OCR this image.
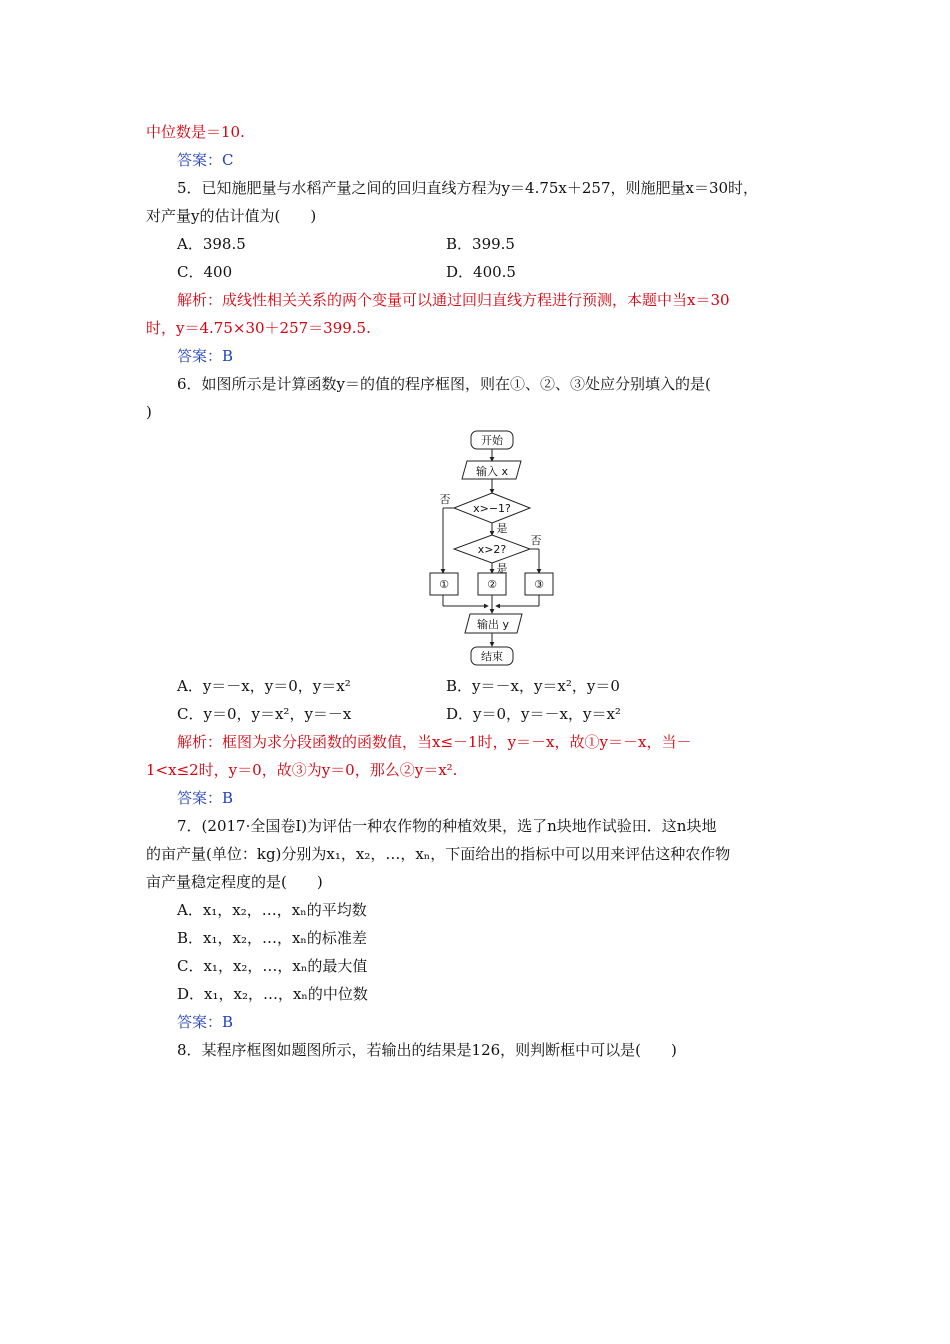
中位数是＝10.
答案：C
5．已知施肥量与水稻产量之间的回归直线方程为y＝4.75x＋257，则施肥量x＝30时，
对产量y的估计值为(　　)
A．398.5	B．399.5
C．400	D．400.5
解析：成线性相关关系的两个变量可以通过回归直线方程进行预测，本题中当x＝30
时，y＝4.75×30＋257＝399.5.
答案：B
6．如图所示是计算函数y＝的值的程序框图，则在①、②、③处应分别填入的是(
)
开始
输入 x
x>−1?
否
是
x>2?
否
是
①	②	③
输出 y
结束
A．y＝－x，y＝0，y＝x²	B．y＝－x，y＝x²，y＝0
C．y＝0，y＝x²，y＝－x	D．y＝0，y＝－x，y＝x²
解析：框图为求分段函数的函数值，当x≤－1时，y＝－x，故①y＝－x，当－
1<x≤2时，y＝0，故③为y＝0，那么②y＝x².
答案：B
7．(2017·全国卷Ⅰ)为评估一种农作物的种植效果，选了n块地作试验田．这n块地
的亩产量(单位：kg)分别为x₁，x₂，…，xₙ，下面给出的指标中可以用来评估这种农作物
亩产量稳定程度的是(　　)
A．x₁，x₂，…，xₙ的平均数
B．x₁，x₂，…，xₙ的标准差
C．x₁，x₂，…，xₙ的最大值
D．x₁，x₂，…，xₙ的中位数
答案：B
8．某程序框图如题图所示，若输出的结果是126，则判断框中可以是(　　)
